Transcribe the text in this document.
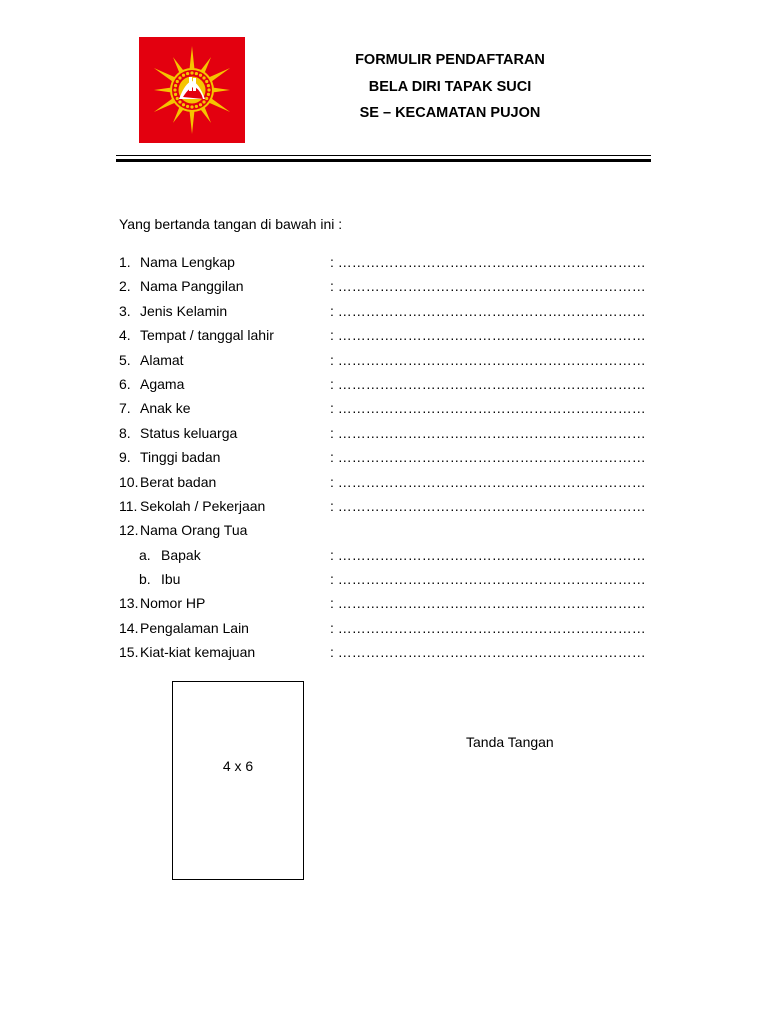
FORMULIR PENDAFTARAN
BELA DIRI TAPAK SUCI
SE – KECAMATAN PUJON
Yang bertanda tangan di bawah ini :
1. Nama Lengkap	: …………………………………………………………
2. Nama Panggilan	: …………………………………………………………
3. Jenis Kelamin	: …………………………………………………………
4. Tempat / tanggal lahir	: …………………………………………………………
5. Alamat	: …………………………………………………………
6. Agama	: …………………………………………………………
7. Anak ke	: …………………………………………………………
8. Status keluarga	: …………………………………………………………
9. Tinggi badan	: …………………………………………………………
10. Berat badan	: …………………………………………………………
11. Sekolah / Pekerjaan	: …………………………………………………………
12. Nama Orang Tua
a. Bapak	: …………………………………………………………
b. Ibu	: …………………………………………………………
13. Nomor HP	: …………………………………………………………
14. Pengalaman Lain	: …………………………………………………………
15. Kiat-kiat kemajuan	: …………………………………………………………
4 x 6
Tanda Tangan
